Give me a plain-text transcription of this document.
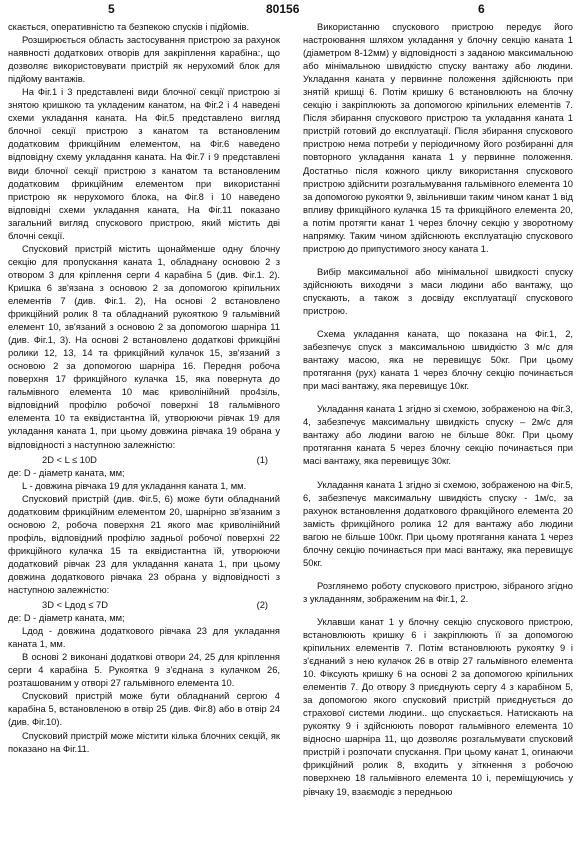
5	80156	6

скається, оперативністю та безпекою спусків і підйомів.

Розширюється область застосування пристрою за рахунок наявності додаткових отворів для закріплення карабіна:, що дозволяє використовувати пристрій як нерухомий блок для підйому вантажів.

На Фіг.1 і 3 представлені види блочної секції пристрою зі знятою кришкою та укладеним канатом, на Фіг.2 і 4 наведені схеми укладання каната. На Фіг.5 представлено вигляд блочної секції пристрою з канатом та встановленим додатковим фрикційним елементом, на Фіг.6 наведено відповідну схему укладання каната. На Фіг.7 і 9 представлені види блочної секції пристрою з канатом та встановленим додатковим фрикційним елементом при використанні пристрою як нерухомого блока, на Фіг.8 і 10 наведено відповідні схеми укладання каната, На Фіг.11 показано загальний вигляд спускового пристрою, який містить дві блочні секції.

Спусковий пристрій містить щонайменше одну блочну секцію для пропускання каната 1, обладнану основою 2 з отвором 3 для кріплення серги 4 карабіна 5 (див. Фіг.1. 2). Кришка 6 зв'язана з основою 2 за допомогою кріпильних елементів 7 (див. Фіг.1. 2), На основі 2 встановлено фрикційний ролик 8 та обладнаний рукояткою 9 гальмівний елемент 10, зв'язаний з основою 2 за допомогою шарніра 11 (див. Фіг.1, 3). На основі 2 встановлено додаткові фрикційні ролики 12, 13, 14 та фрикційний кулачок 15, зв'язаний з основою 2 за допомогою шарніра 16. Передня робоча поверхня 17 фрикційного кулачка 15, яка повернута до гальмівного елемента 10 має криволінійний про4зіль, відповідний профілю робочої поверхні 18 гальмівного елемента 10 та еквідистантна їй, утворюючи рівчак 19 для укладання каната 1, при цьому довжина рівчака 19 обрана у відповідності з наступною залежністю:

2D < L ≤ 10D	(1)

де: D - діаметр каната, мм;

L - довжина рівчака 19 для укладання каната 1, мм.

Спусковий пристрій (див. Фіг.5, 6) може бути обладнаний додатковим фрикційним елементом 20, шарнірно зв'язаним з основою 2, робоча поверхня 21 якого має криволінійний профіль, відповідний профілю задньої робочої поверхні 22 фрикційного кулачка 15 та еквідистантна їй, утворюючи додатковий рівчак 23 для укладання каната 1, при цьому довжина додаткового рівчака 23 обрана у відповідності з наступною залежністю:

3D < Lдод ≤ 7D	(2)

де: D - діаметр каната, мм;

Lдод - довжина додаткового рівчака 23 для укладання каната 1, мм.

В основі 2 виконані додаткові отвори 24, 25 для кріплення серги 4 карабіна 5. Рукоятка 9 з'єднана з кулачком 26, розташованим у отворі 27 гальмівного елемента 10.

Спусковий пристрій може бути обладнаний сергою 4 карабіна 5, встановленою в отвір 25 (див. Фіг.8) або в отвір 24 (див. Фіг.10).

Спусковий пристрій може містити кілька блочних секцій, як показано на Фіг.11.

Використанню спускового пристрою передує його настроювання шляхом укладання у блочну секцію каната 1 (діаметром 8-12мм) у відповідності з заданою максимальною або мінімальною швидкістю спуску вантажу або людини. Укладання каната у первинне положення здійснюють при знятій кришці 6. Потім кришку 6 встановлюють на блочну секцію і закріплюють за допомогою кріпильних елементів 7. Після збирання спускового пристрою та укладання каната 1 пристрій готовий до експлуатації. Після збирання спускового пристрою нема потреби у періодичному його розбиранні для повторного укладання каната 1 у первинне положення. Достатньо після кожного циклу використання спускового пристрою здійснити розгальмування гальмівного елемента 10 за допомогою рукоятки 9, звільнивши таким чином канат 1 від впливу фрикційного кулачка 15 та фрикційного елемента 20, а потім протягти канат 1 через блочну секцію у зворотному напрямку. Таким чином здійснюють експлуатацію спускового пристрою до припустимого зносу каната 1.

Вибір максимальної або мінімальної швидкості спуску здійснюють виходячи з маси людини або вантажу, що спускають, а також з досвіду експлуатації спускового пристрою.

Схема укладання каната, що показана на Фіг.1, 2, забезпечує спуск з максимальною швидкістю 3 м/с для вантажу масою, яка не перевищує 50кг. При цьому протягання (рух) каната 1 через блочну секцію починається при масі вантажу, яка перевищує 10кг.

Укладання каната 1 згідно зі схемою, зображеною на Фіг.3, 4, забезпечує максимальну швидкість спуску – 2м/с для вантажу або людини вагою не більше 80кг. При цьому протягання каната 5 через блочну секцію починається при масі вантажу, яка перевищує 30кг.

Укладання каната 1 згідно зі схемою, зображеною на Фіг.5, 6, забезпечує максимальну швидкість спуску - 1м/с, за рахунок встановлення додаткового фракційного елемента 20 замість фрикційного ролика 12 для вантажу або людини вагою не більше 100кг. При цьому протягання каната 1 через блочну секцію починається при масі вантажу, яка перевищує 50кг.

Розглянемо роботу спускового пристрою, зібраного згідно з укладанням, зображеним на Фіг.1, 2.

Уклавши канат 1 у блочну секцію спускового пристрою, встановлюють кришку 6 і закріплюють її за допомогою кріпильних елементів 7. Потім встановлюють рукоятку 9 і з'єднаний з нею кулачок 26 в отвір 27 гальмівного елемента 10. Фіксують кришку 6 на основі 2 за допомогою кріпильних елементів 7. До отвору 3 приєднують сергу 4 з карабіном 5, за допомогою якого спусковий пристрій приєднується до страхової системи людини.. що спускається. Натискають на рукоятку 9 і здійснюють поворот гальмівного елемента 10 відносно шарніра 11, що дозволяє розгальмувати спусковий пристрій і розпочати спускання. При цьому канат 1, огинаючи фрикційний ролик 8, входить у зіткнення з робочою поверхнею 18 гальмівного елемента 10 і, переміщуючись у рівчаку 19, взаємодіє з передньою
